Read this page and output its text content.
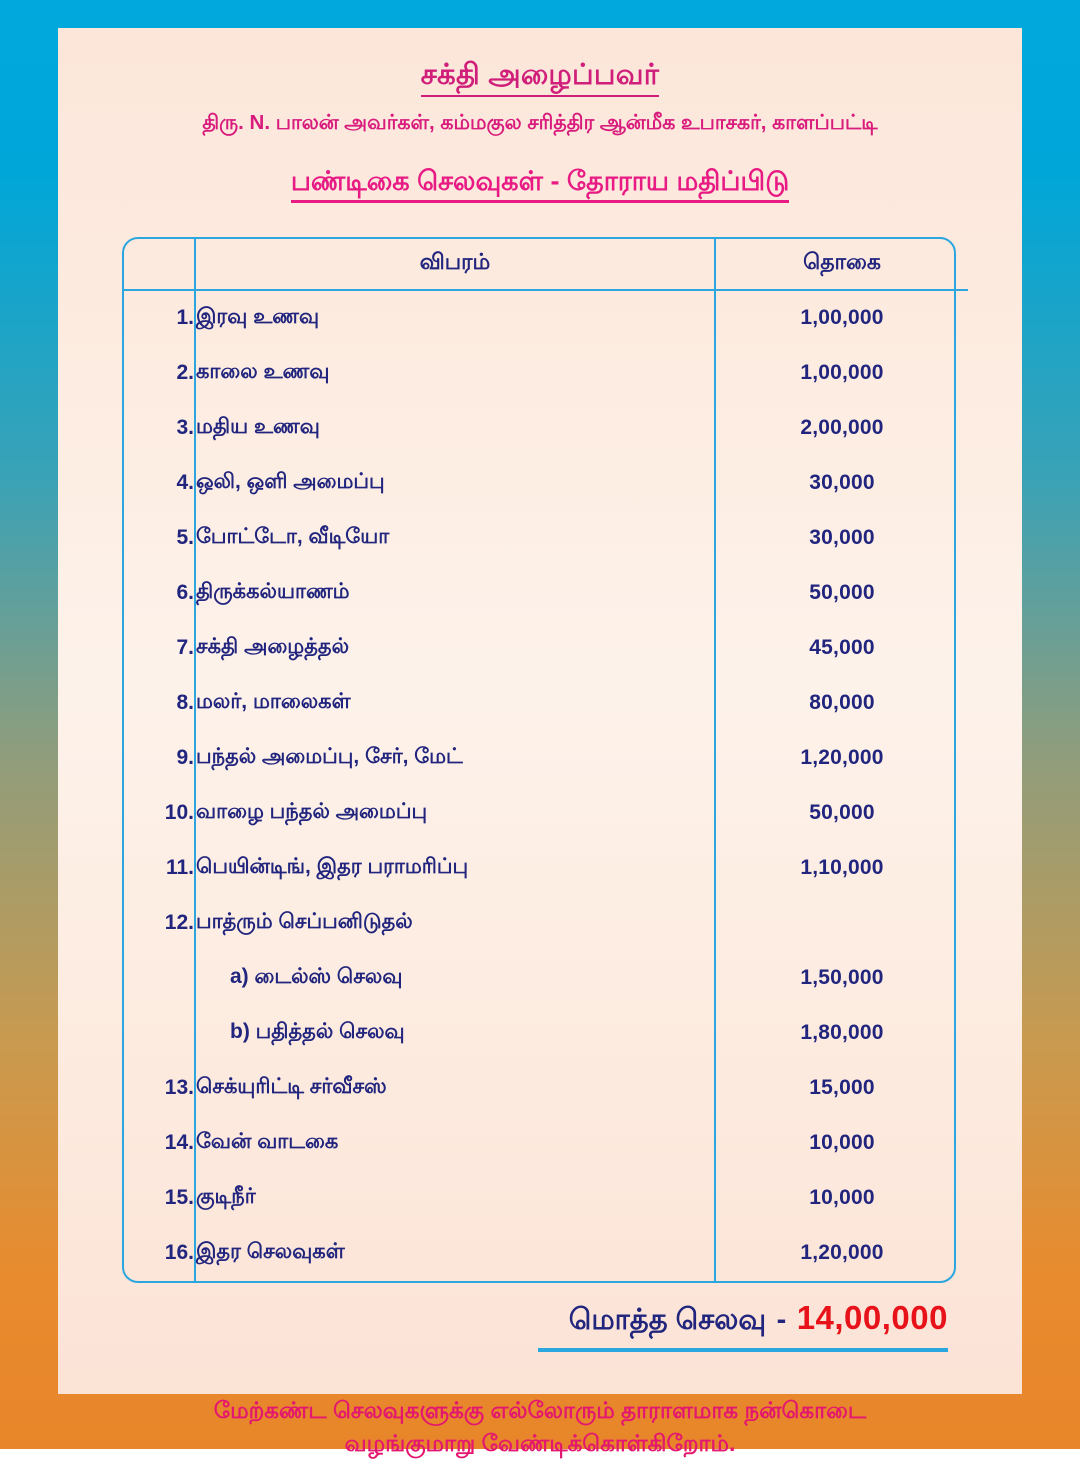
சக்தி அழைப்பவர்
திரு. N. பாலன் அவர்கள், கம்மகுல சரித்திர ஆன்மீக உபாசகர், காளப்பட்டி
பண்டிகை செலவுகள் - தோராய மதிப்பிடு
	விபரம்	தொகை
1.	இரவு உணவு	1,00,000
2.	காலை உணவு	1,00,000
3.	மதிய உணவு	2,00,000
4.	ஒலி, ஒளி அமைப்பு	30,000
5.	போட்டோ, வீடியோ	30,000
6.	திருக்கல்யாணம்	50,000
7.	சக்தி அழைத்தல்	45,000
8.	மலர், மாலைகள்	80,000
9.	பந்தல் அமைப்பு, சேர், மேட்	1,20,000
10.	வாழை பந்தல் அமைப்பு	50,000
11.	பெயின்டிங், இதர பராமரிப்பு	1,10,000
12.	பாத்ரும் செப்பனிடுதல்	
	a) டைல்ஸ் செலவு	1,50,000
	b) பதித்தல் செலவு	1,80,000
13.	செக்யுரிட்டி சர்வீசஸ்	15,000
14.	வேன் வாடகை	10,000
15.	குடிநீர்	10,000
16.	இதர செலவுகள்	1,20,000
மொத்த செலவு - 14,00,000
மேற்கண்ட செலவுகளுக்கு எல்லோரும் தாராளமாக நன்கொடை
வழங்குமாறு வேண்டிக்கொள்கிறோம்.
